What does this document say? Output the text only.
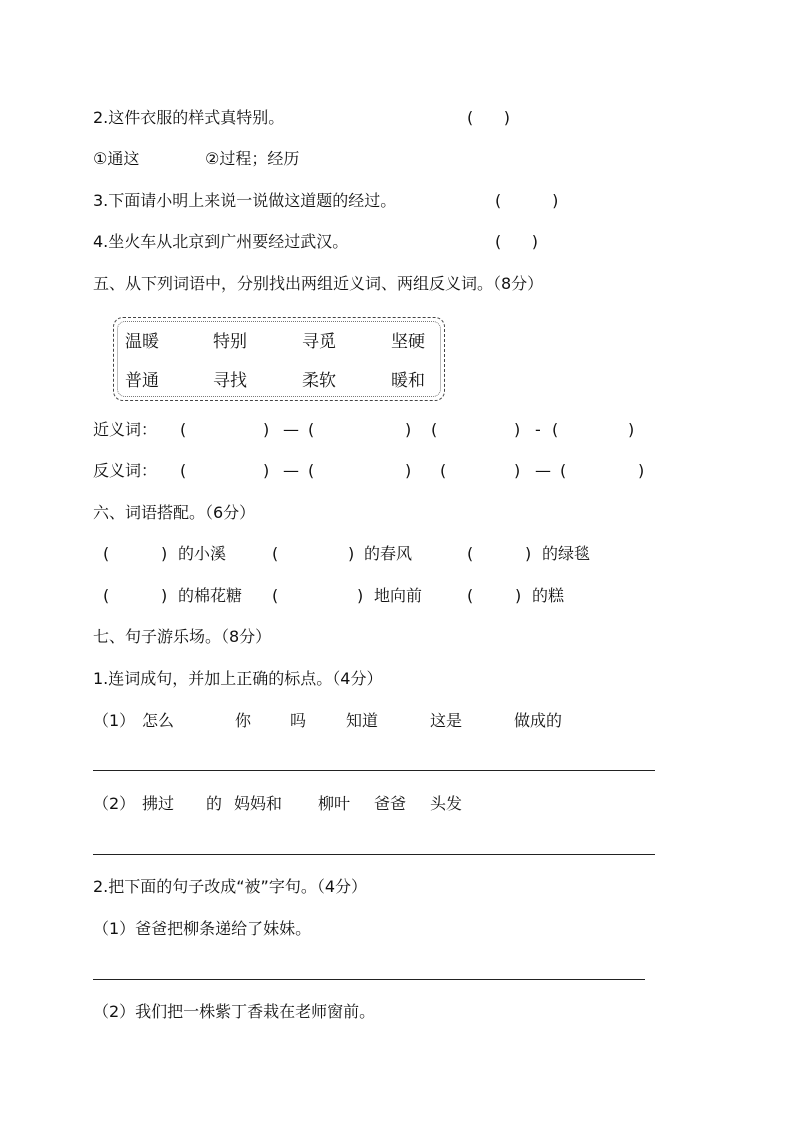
2.这件衣服的样式真特别。	(      )
①通这	②过程；经历
3.下面请小明上来说一说做这道题的经过。	(          )
4.坐火车从北京到广州要经过武汉。	(      )
五、从下列词语中，分别找出两组近义词、两组反义词。（8分）
温暖	特别	寻觅	坚硬
普通	寻找	柔软	暖和
近义词： (	) — (	) (	) - (	)
反义词： (	) — (	) (	) — (	)
六、词语搭配。（6分）
(	) 的小溪	(	) 的春风	(	) 的绿毯
(	) 的棉花糖 (	) 地向前	(	) 的糕
七、句子游乐场。（8分）
1.连词成句，并加上正确的标点。（4分）
（1） 怎么	你 吗 知道	这是	做成的
（2） 拂过 的 妈妈和 柳叶 爸爸 头发
2.把下面的句子改成“被”字句。（4分）
（1）爸爸把柳条递给了妹妹。
（2）我们把一株紫丁香栽在老师窗前。
